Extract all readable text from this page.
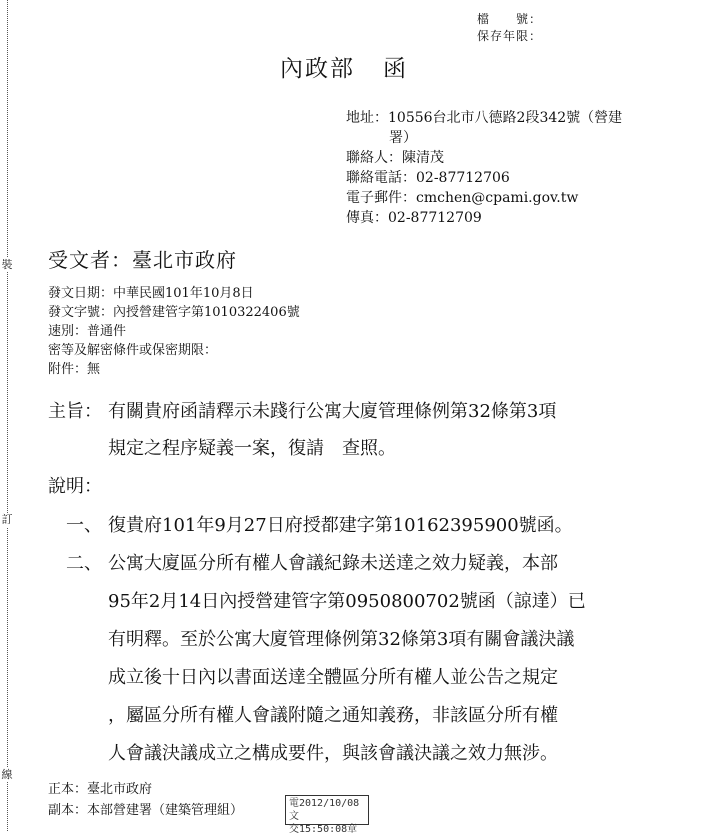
裝
訂
線
檔　　號：
保存年限：
內政部 函
地址：10556台北市八德路2段342號（營建
署）
聯絡人：陳清茂
聯絡電話：02-87712706
電子郵件：cmchen@cpami.gov.tw
傳真：02-87712709
受文者：臺北市政府
發文日期：中華民國101年10月8日
發文字號：內授營建管字第1010322406號
速別：普通件
密等及解密條件或保密期限：
附件：無
主旨： 有關貴府函請釋示未踐行公寓大廈管理條例第32條第3項
規定之程序疑義一案，復請　查照。
說明：
一、 復貴府101年9月27日府授都建字第10162395900號函。
二、 公寓大廈區分所有權人會議紀錄未送達之效力疑義，本部
95年2月14日內授營建管字第0950800702號函（諒達）已
有明釋。至於公寓大廈管理條例第32條第3項有關會議決議
成立後十日內以書面送達全體區分所有權人並公告之規定
，屬區分所有權人會議附隨之通知義務，非該區分所有權
人會議決議成立之構成要件，與該會議決議之效力無涉。
正本：臺北市政府
副本：本部營建署（建築管理組）	電2012/10/08文
交15:50:08章
